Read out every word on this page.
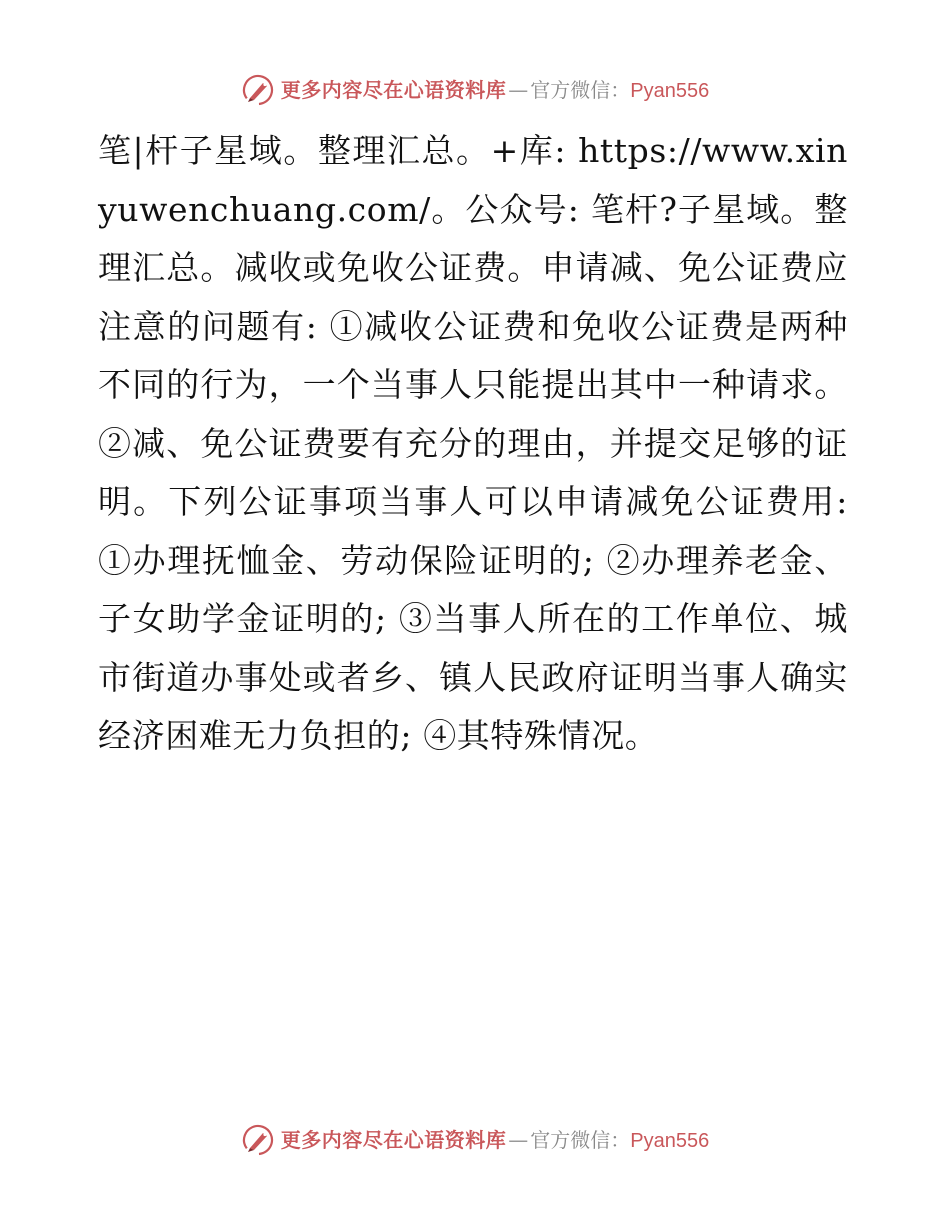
更多内容尽在心语资料库 — 官方微信： Pyan556
笔|杆子星域。整理汇总。+库: https://www.xinyuwenchuang.com/。公众号: 笔杆?子星域。整理汇总。减收或免收公证费。申请减、免公证费应注意的问题有: ①减收公证费和免收公证费是两种不同的行为，一个当事人只能提出其中一种请求。②减、免公证费要有充分的理由，并提交足够的证明。下列公证事项当事人可以申请减免公证费用: ①办理抚恤金、劳动保险证明的; ②办理养老金、子女助学金证明的; ③当事人所在的工作单位、城市街道办事处或者乡、镇人民政府证明当事人确实经济困难无力负担的; ④其特殊情况。
更多内容尽在心语资料库 — 官方微信： Pyan556
